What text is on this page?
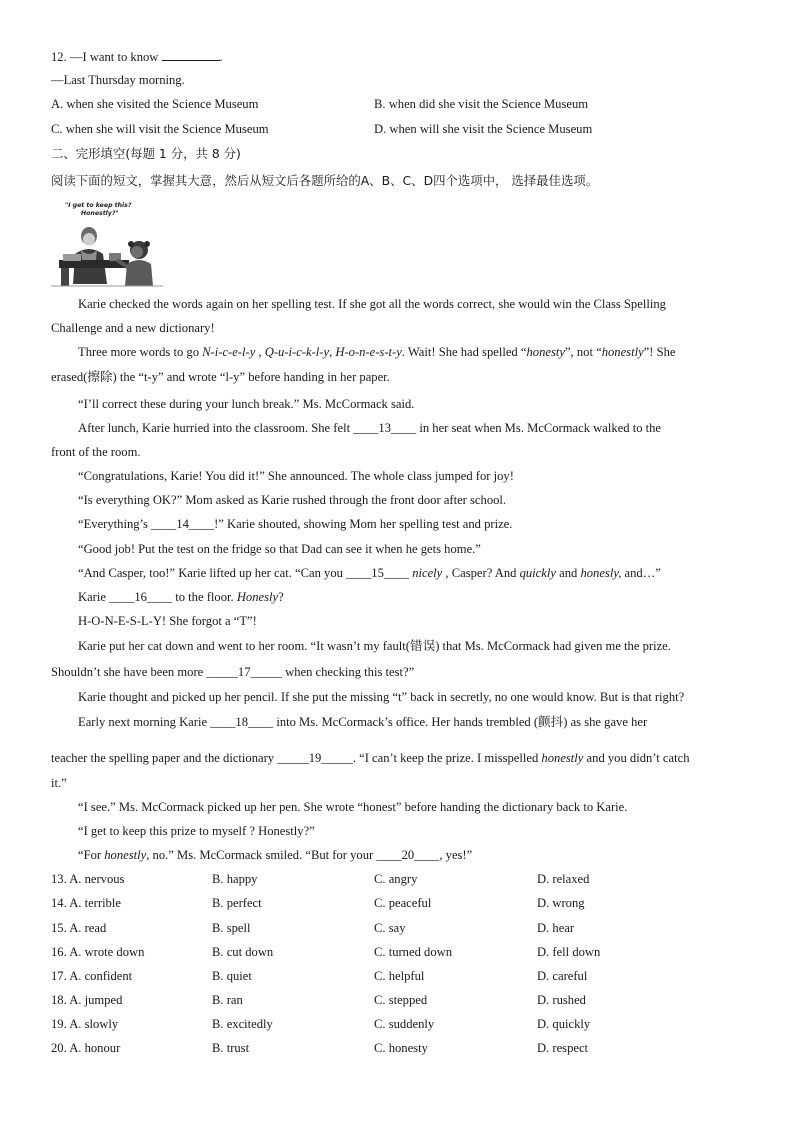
12. —I want to know	.
—Last Thursday morning.
A. when she visited the Science Museum	B. when did she visit the Science Museum
C. when she will visit the Science Museum	D. when will she visit the Science Museum
二、完形填空(每题 1 分，共 8 分)
阅读下面的短文，掌握其大意，然后从短文后各题所给的A、B、C、D四个选项中， 选择最佳选项。
"I get to keep this?
Honestly?"
Karie checked the words again on her spelling test. If she got all the words correct, she would win the Class Spelling
Challenge and a new dictionary!
Three more words to go N-i-c-e-l-y , Q-u-i-c-k-l-y, H-o-n-e-s-t-y. Wait! She had spelled “honesty”, not “honestly”! She
erased(擦除) the “t-y” and wrote “l-y” before handing in her paper.
“I’ll correct these during your lunch break.” Ms. McCormack said.
After lunch, Karie hurried into the classroom. She felt ____13____ in her seat when Ms. McCormack walked to the
front of the room.
“Congratulations, Karie! You did it!” She announced. The whole class jumped for joy!
“Is everything OK?” Mom asked as Karie rushed through the front door after school.
“Everything’s ____14____!” Karie shouted, showing Mom her spelling test and prize.
“Good job! Put the test on the fridge so that Dad can see it when he gets home.”
“And Casper, too!” Karie lifted up her cat. “Can you ____15____ nicely , Casper? And quickly and honesly, and…”
Karie ____16____ to the floor. Honesly?
H-O-N-E-S-L-Y! She forgot a “T”!
Karie put her cat down and went to her room. “It wasn’t my fault(错误) that Ms. McCormack had given me the prize.
Shouldn’t she have been more _____17_____ when checking this test?”
Karie thought and picked up her pencil. If she put the missing “t” back in secretly, no one would know. But is that right?
Early next morning Karie ____18____ into Ms. McCormack’s office. Her hands trembled (颤抖) as she gave her
teacher the spelling paper and the dictionary _____19_____. “I can’t keep the prize. I misspelled honestly and you didn’t catch
it.”
“I see.” Ms. McCormack picked up her pen. She wrote “honest” before handing the dictionary back to Karie.
“I get to keep this prize to myself ? Honestly?”
“For honestly, no.” Ms. McCormack smiled. “But for your ____20____, yes!”
13. A. nervous	B. happy	C. angry	D. relaxed
14. A. terrible	B. perfect	C. peaceful	D. wrong
15. A. read	B. spell	C. say	D. hear
16. A. wrote down	B. cut down	C. turned down	D. fell down
17. A. confident	B. quiet	C. helpful	D. careful
18. A. jumped	B. ran	C. stepped	D. rushed
19. A. slowly	B. excitedly	C. suddenly	D. quickly
20. A. honour	B. trust	C. honesty	D. respect
